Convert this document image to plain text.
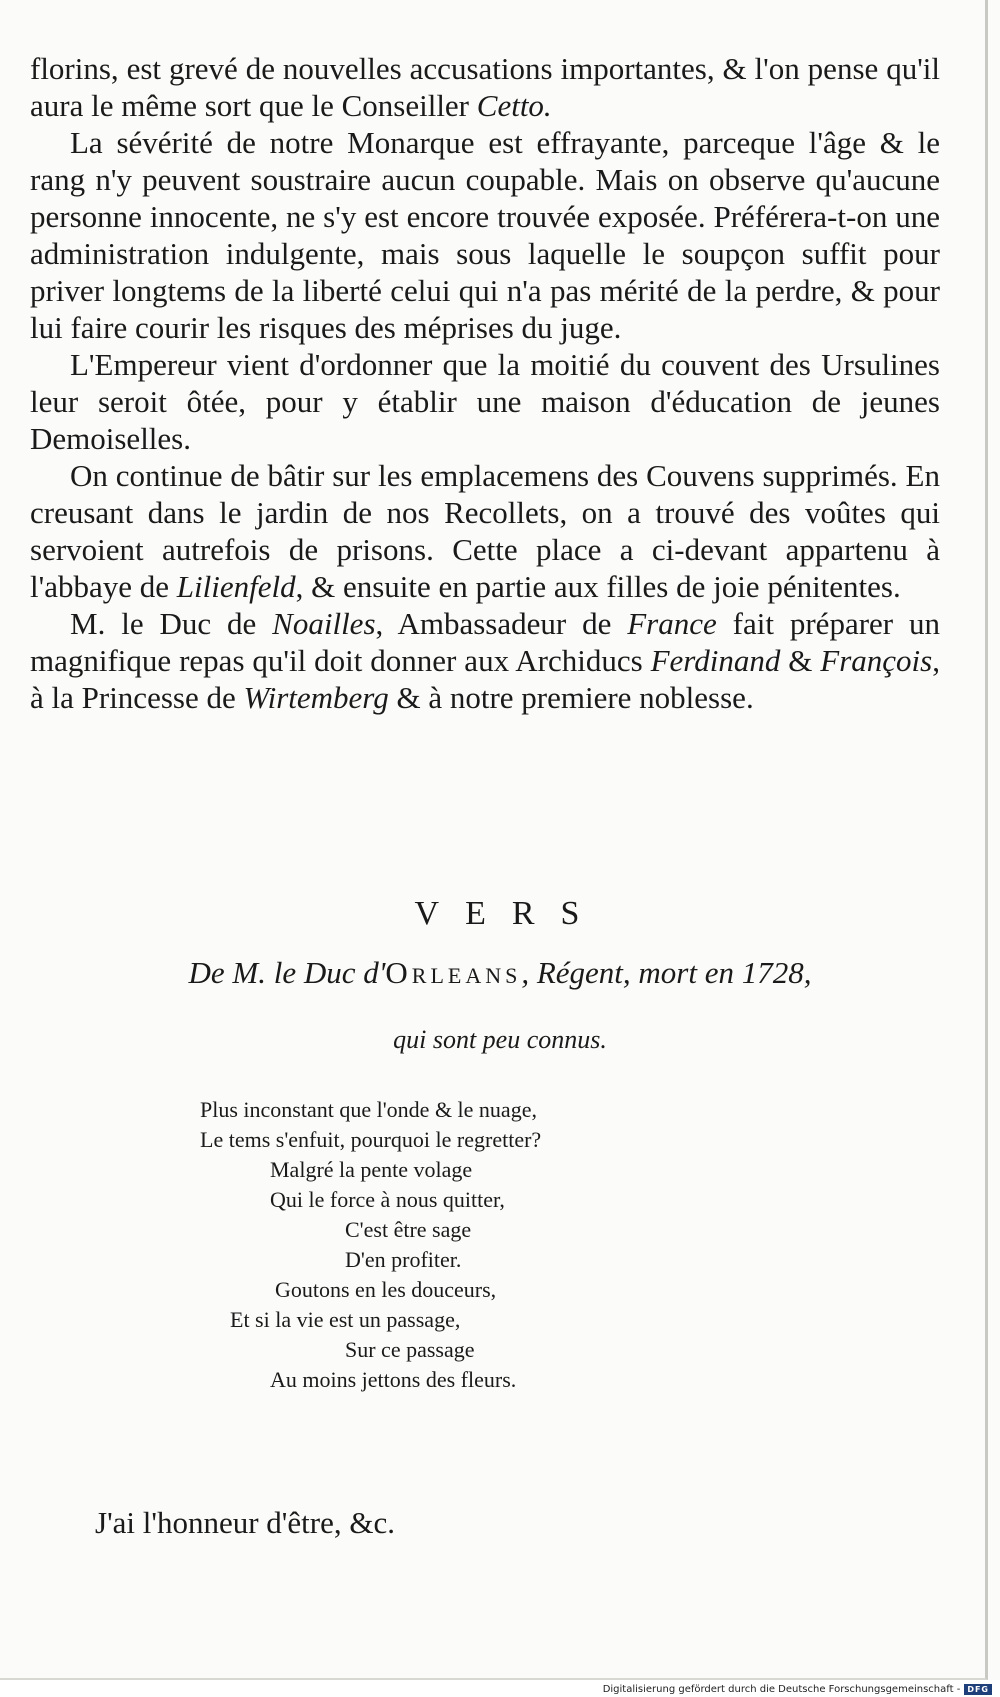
florins, est grevé de nouvelles accusations importantes, & l'on pense qu'il aura le même sort que le Conseiller Cetto.

La sévérité de notre Monarque est effrayante, parceque l'âge & le rang n'y peuvent soustraire aucun coupable. Mais on observe qu'aucune personne innocente, ne s'y est encore trouvée exposée. Préférera-t-on une administration indulgente, mais sous laquelle le soupçon suffit pour priver longtems de la liberté celui qui n'a pas mérité de la perdre, & pour lui faire courir les risques des méprises du juge.

L'Empereur vient d'ordonner que la moitié du couvent des Ursulines leur seroit ôtée, pour y établir une maison d'éducation de jeunes Demoiselles.

On continue de bâtir sur les emplacemens des Couvens supprimés. En creusant dans le jardin de nos Recollets, on a trouvé des voûtes qui servoient autrefois de prisons. Cette place a ci-devant appartenu à l'abbaye de Lilienfeld, & ensuite en partie aux filles de joie pénitentes.

M. le Duc de Noailles, Ambassadeur de France fait préparer un magnifique repas qu'il doit donner aux Archiducs Ferdinand & François, à la Princesse de Wirtemberg & à notre premiere noblesse.

VERS
De M. le Duc d'Orleans, Régent, mort en 1728,
qui sont peu connus.
Plus inconstant que l'onde & le nuage,
Le tems s'enfuit, pourquoi le regretter?
Malgré la pente volage
Qui le force à nous quitter,
C'est être sage
D'en profiter.
Goutons en les douceurs,
Et si la vie est un passage,
Sur ce passage
Au moins jettons des fleurs.
J'ai l'honneur d'être, &c.
Digitalisierung gefördert durch die Deutsche Forschungsgemeinschaft - DFG
